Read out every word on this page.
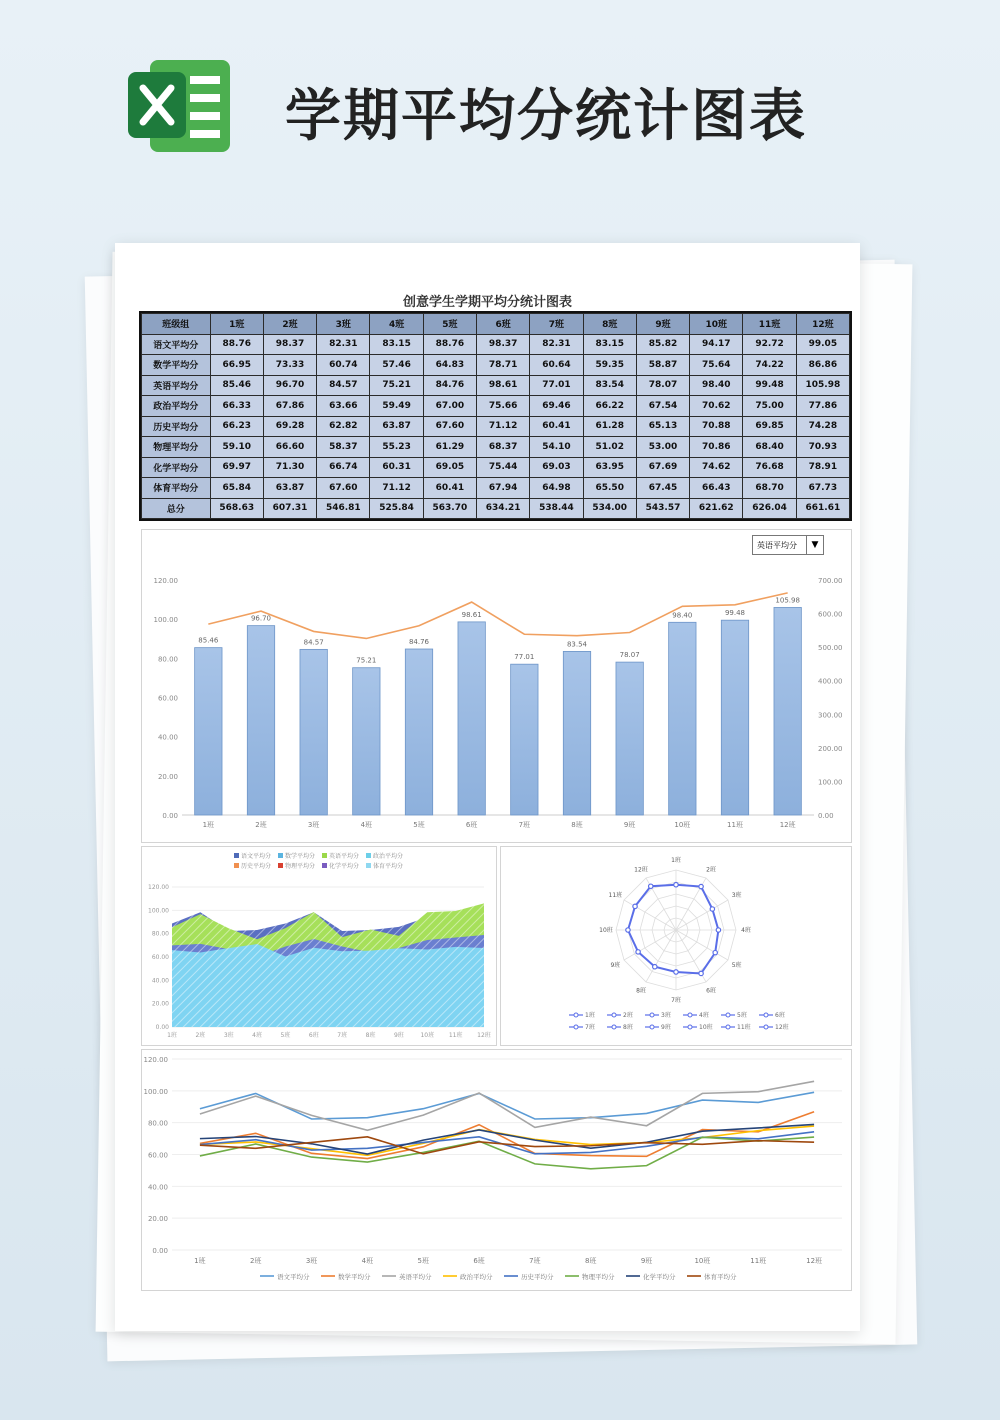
学期平均分统计图表
创意学生学期平均分统计图表
班级组	1班	2班	3班	4班	5班	6班	7班	8班	9班	10班	11班	12班
语文平均分	88.76	98.37	82.31	83.15	88.76	98.37	82.31	83.15	85.82	94.17	92.72	99.05
数学平均分	66.95	73.33	60.74	57.46	64.83	78.71	60.64	59.35	58.87	75.64	74.22	86.86
英语平均分	85.46	96.70	84.57	75.21	84.76	98.61	77.01	83.54	78.07	98.40	99.48	105.98
政治平均分	66.33	67.86	63.66	59.49	67.00	75.66	69.46	66.22	67.54	70.62	75.00	77.86
历史平均分	66.23	69.28	62.82	63.87	67.60	71.12	60.41	61.28	65.13	70.88	69.85	74.28
物理平均分	59.10	66.60	58.37	55.23	61.29	68.37	54.10	51.02	53.00	70.86	68.40	70.93
化学平均分	69.97	71.30	66.74	60.31	69.05	75.44	69.03	63.95	67.69	74.62	76.68	78.91
体育平均分	65.84	63.87	67.60	71.12	60.41	67.94	64.98	65.50	67.45	66.43	68.70	67.73
总分	568.63	607.31	546.81	525.84	563.70	634.21	538.44	534.00	543.57	621.62	626.04	661.61
英语平均分	▼
0.00
20.00
40.00
60.00
80.00
100.00
120.00
0.00
100.00
200.00
300.00
400.00
500.00
600.00
700.00
85.46
1班
96.70
2班
84.57
3班
75.21
4班
84.76
5班
98.61
6班
77.01
7班
83.54
8班
78.07
9班
98.40
10班
99.48
11班
105.98
12班
语文平均分 数学平均分 英语平均分 政治平均分
历史平均分 物理平均分 化学平均分 体育平均分
0.00
20.00
40.00
60.00
80.00
100.00
120.00
1班	2班	3班	4班	5班	6班	7班	8班	9班	10班 11班 12班
1班
2班
3班
4班
5班
6班
7班
8班
9班
10班
11班
12班
1班	2班	3班	4班	5班	6班
7班	8班	9班	10班	11班	12班
0.00
20.00
40.00
60.00
80.00
100.00
120.00
1班	2班	3班	4班	5班	6班	7班	8班	9班	10班	11班	12班
语文平均分	数学平均分	英语平均分	政治平均分	历史平均分	物理平均分	化学平均分	体育平均分
